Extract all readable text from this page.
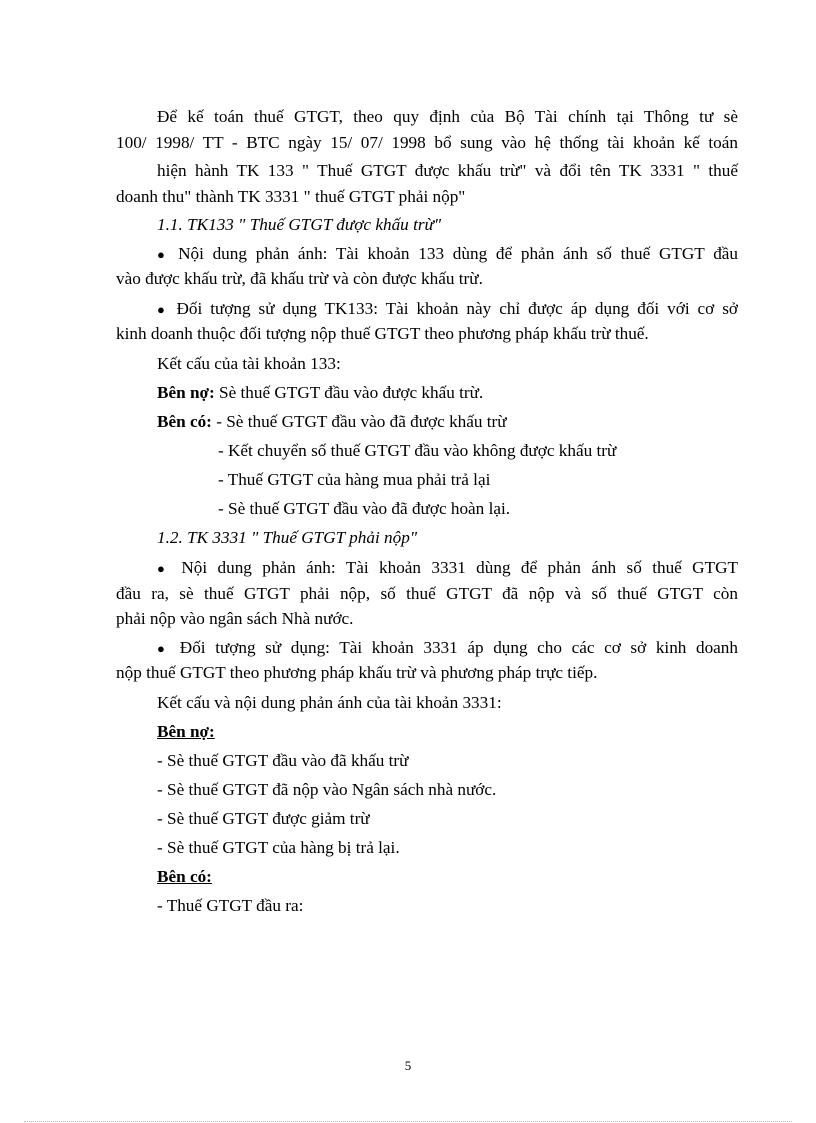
Để kế toán thuế GTGT, theo quy định của Bộ Tài chính tại Thông tư sè
100/ 1998/ TT - BTC ngày 15/ 07/ 1998 bổ sung vào hệ thống tài khoản kế toán
hiện hành TK 133 " Thuế GTGT được khấu trừ" và đổi tên TK 3331 " thuế
doanh thu" thành TK 3331 " thuế GTGT phải nộp"
1.1. TK133 " Thuế GTGT được khấu trừ"
● Nội dung phản ánh: Tài khoản 133 dùng để phản ánh số thuế GTGT đầu
vào được khấu trừ, đã khấu trừ và còn được khấu trừ.
● Đối tượng sử dụng TK133: Tài khoản này chỉ được áp dụng đối với cơ sở
kinh doanh thuộc đối tượng nộp thuế GTGT theo phương pháp khấu trừ thuế.
Kết cấu của tài khoản 133:
Bên nợ: Sè thuế GTGT đầu vào được khấu trừ.
Bên có: - Sè thuế GTGT đầu vào đã được khấu trừ
- Kết chuyển số thuế GTGT đầu vào không được khấu trừ
- Thuế GTGT của hàng mua phải trả lại
- Sè thuế GTGT đầu vào đã được hoàn lại.
1.2. TK 3331 " Thuế GTGT phải nộp"
● Nội dung phản ánh: Tài khoản 3331 dùng để phản ánh số thuế GTGT
đầu ra, sè thuế GTGT phải nộp, số thuế GTGT đã nộp và số thuế GTGT còn
phải nộp vào ngân sách Nhà nước.
● Đối tượng sử dụng: Tài khoản 3331 áp dụng cho các cơ sở kinh doanh
nộp thuế GTGT theo phương pháp khấu trừ và phương pháp trực tiếp.
Kết cấu và nội dung phản ánh của tài khoản 3331:
Bên nợ:
- Sè thuế GTGT đầu vào đã khấu trừ
- Sè thuế GTGT đã nộp vào Ngân sách nhà nước.
- Sè thuế GTGT được giảm trừ
- Sè thuế GTGT của hàng bị trả lại.
Bên có:
- Thuế GTGT đầu ra:
5
